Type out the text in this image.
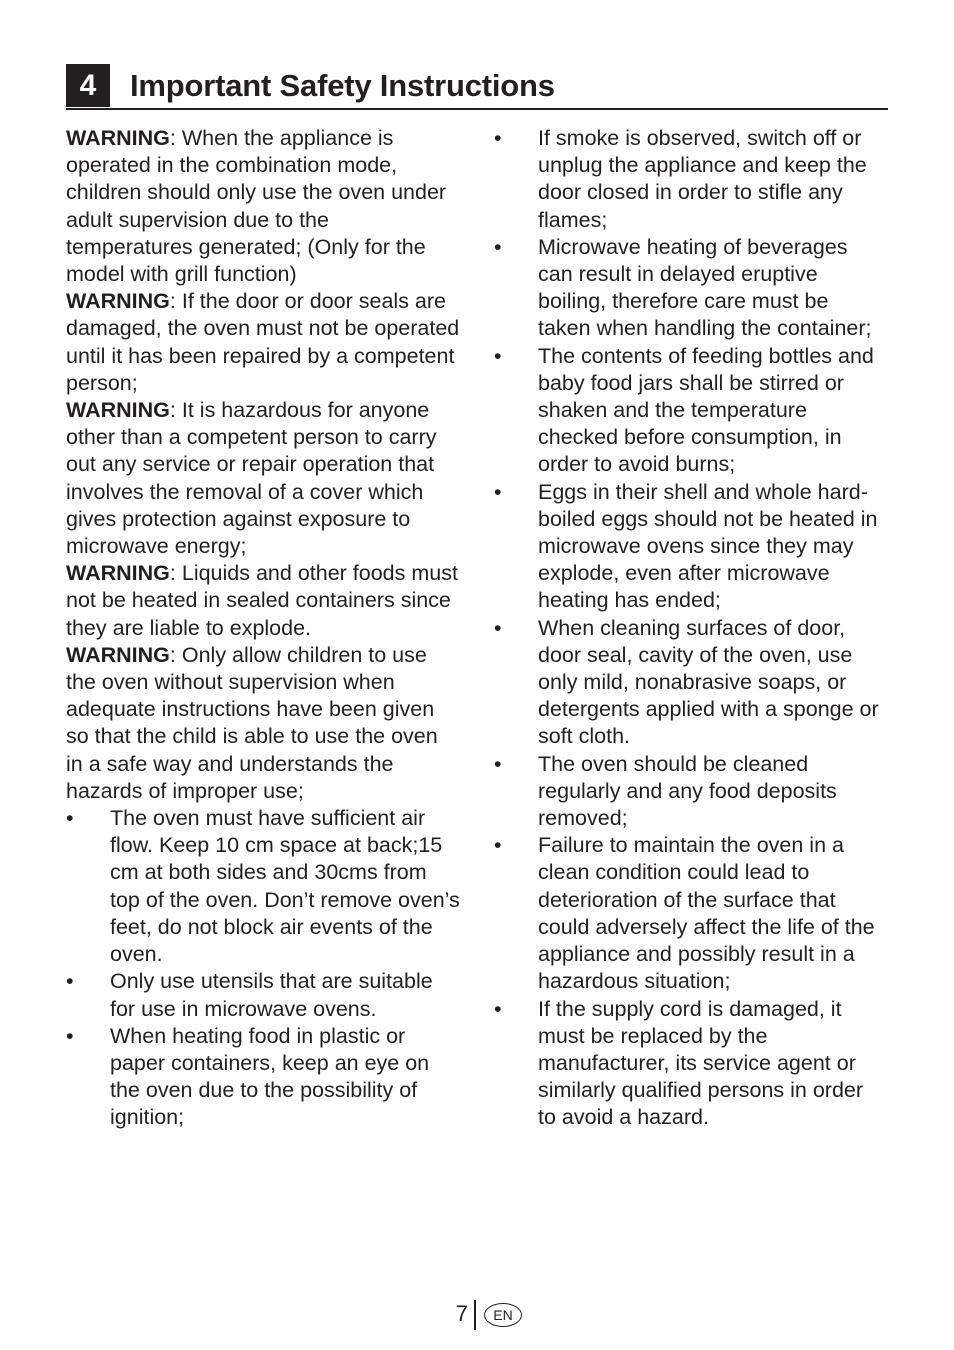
4	Important Safety Instructions

WARNING: When the appliance is operated in the combination mode, children should only use the oven under adult supervision due to the temperatures generated; (Only for the model with grill function)

WARNING: If the door or door seals are damaged, the oven must not be operated until it has been repaired by a competent person;

WARNING: It is hazardous for anyone other than a competent person to carry out any service or repair operation that involves the removal of a cover which gives protection against exposure to microwave energy;

WARNING: Liquids and other foods must not be heated in sealed containers since they are liable to explode.

WARNING: Only allow children to use the oven without supervision when adequate instructions have been given so that the child is able to use the oven in a safe way and understands the hazards of improper use;

• The oven must have sufficient air flow. Keep 10 cm space at back;15 cm at both sides and 30cms from top of the oven. Don’t remove oven’s feet, do not block air events of the oven.
• Only use utensils that are suitable for use in microwave ovens.
• When heating food in plastic or paper containers, keep an eye on the oven due to the possibility of ignition;
• If smoke is observed, switch off or unplug the appliance and keep the door closed in order to stifle any flames;
• Microwave heating of beverages can result in delayed eruptive boiling, therefore care must be taken when handling the container;
• The contents of feeding bottles and baby food jars shall be stirred or shaken and the temperature checked before consumption, in order to avoid burns;
• Eggs in their shell and whole hard-boiled eggs should not be heated in microwave ovens since they may explode, even after microwave heating has ended;
• When cleaning surfaces of door, door seal, cavity of the oven, use only mild, nonabrasive soaps, or detergents applied with a sponge or soft cloth.
• The oven should be cleaned regularly and any food deposits removed;
• Failure to maintain the oven in a clean condition could lead to deterioration of the surface that could adversely affect the life of the appliance and possibly result in a hazardous situation;
• If the supply cord is damaged, it must be replaced by the manufacturer, its service agent or similarly qualified persons in order to avoid a hazard.
7	EN
